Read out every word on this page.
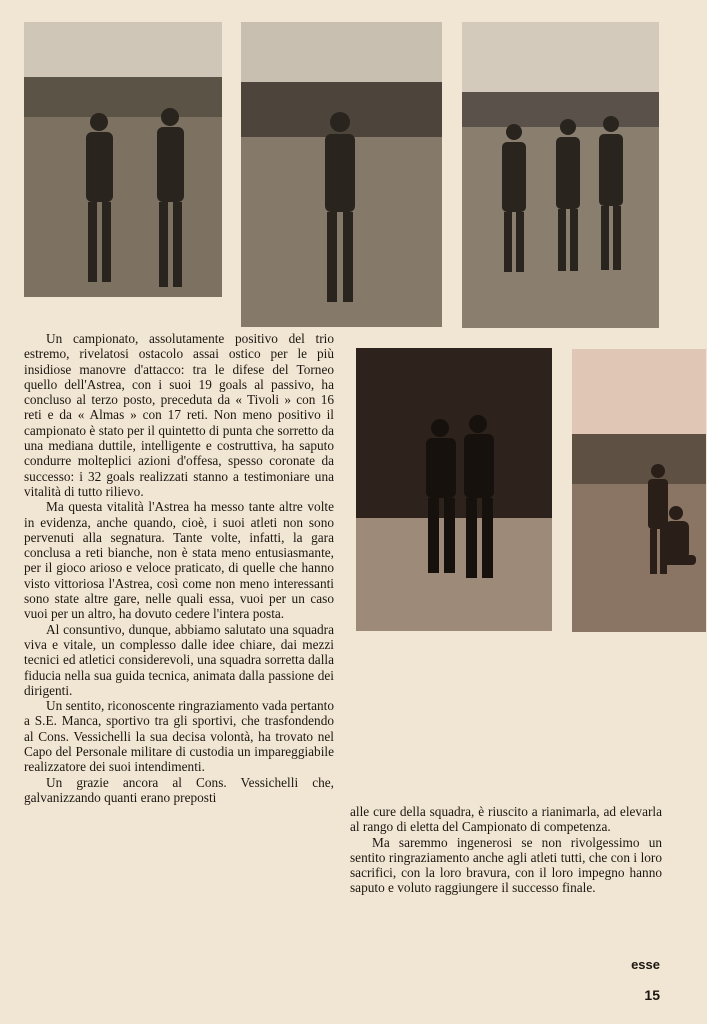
Un campionato, assolutamente positivo del trio estremo, rivelatosi ostacolo assai ostico per le più insidiose manovre d'attacco: tra le difese del Torneo quello dell'Astrea, con i suoi 19 goals al passivo, ha concluso al terzo posto, preceduta da « Tivoli » con 16 reti e da « Almas » con 17 reti. Non meno positivo il campionato è stato per il quintetto di punta che sorretto da una mediana duttile, intelligente e costruttiva, ha saputo condurre molteplici azioni d'offesa, spesso coronate da successo: i 32 goals realizzati stanno a testimoniare una vitalità di tutto rilievo.

Ma questa vitalità l'Astrea ha messo tante altre volte in evidenza, anche quando, cioè, i suoi atleti non sono pervenuti alla segnatura. Tante volte, infatti, la gara conclusa a reti bianche, non è stata meno entusiasmante, per il gioco arioso e veloce praticato, di quelle che hanno visto vittoriosa l'Astrea, così come non meno interessanti sono state altre gare, nelle quali essa, vuoi per un caso vuoi per un altro, ha dovuto cedere l'intera posta.

Al consuntivo, dunque, abbiamo salutato una squadra viva e vitale, un complesso dalle idee chiare, dai mezzi tecnici ed atletici considerevoli, una squadra sorretta dalla fiducia nella sua guida tecnica, animata dalla passione dei dirigenti.

Un sentito, riconoscente ringraziamento vada pertanto a S.E. Manca, sportivo tra gli sportivi, che trasfondendo al Cons. Vessichelli la sua decisa volontà, ha trovato nel Capo del Personale militare di custodia un impareggiabile realizzatore dei suoi intendimenti.

Un grazie ancora al Cons. Vessichelli che, galvanizzando quanti erano preposti

alle cure della squadra, è riuscito a rianimarla, ad elevarla al rango di eletta del Campionato di competenza.

Ma saremmo ingenerosi se non rivolgessimo un sentito ringraziamento anche agli atleti tutti, che con i loro sacrifici, con la loro bravura, con il loro impegno hanno saputo e voluto raggiungere il successo finale.

esse
15
